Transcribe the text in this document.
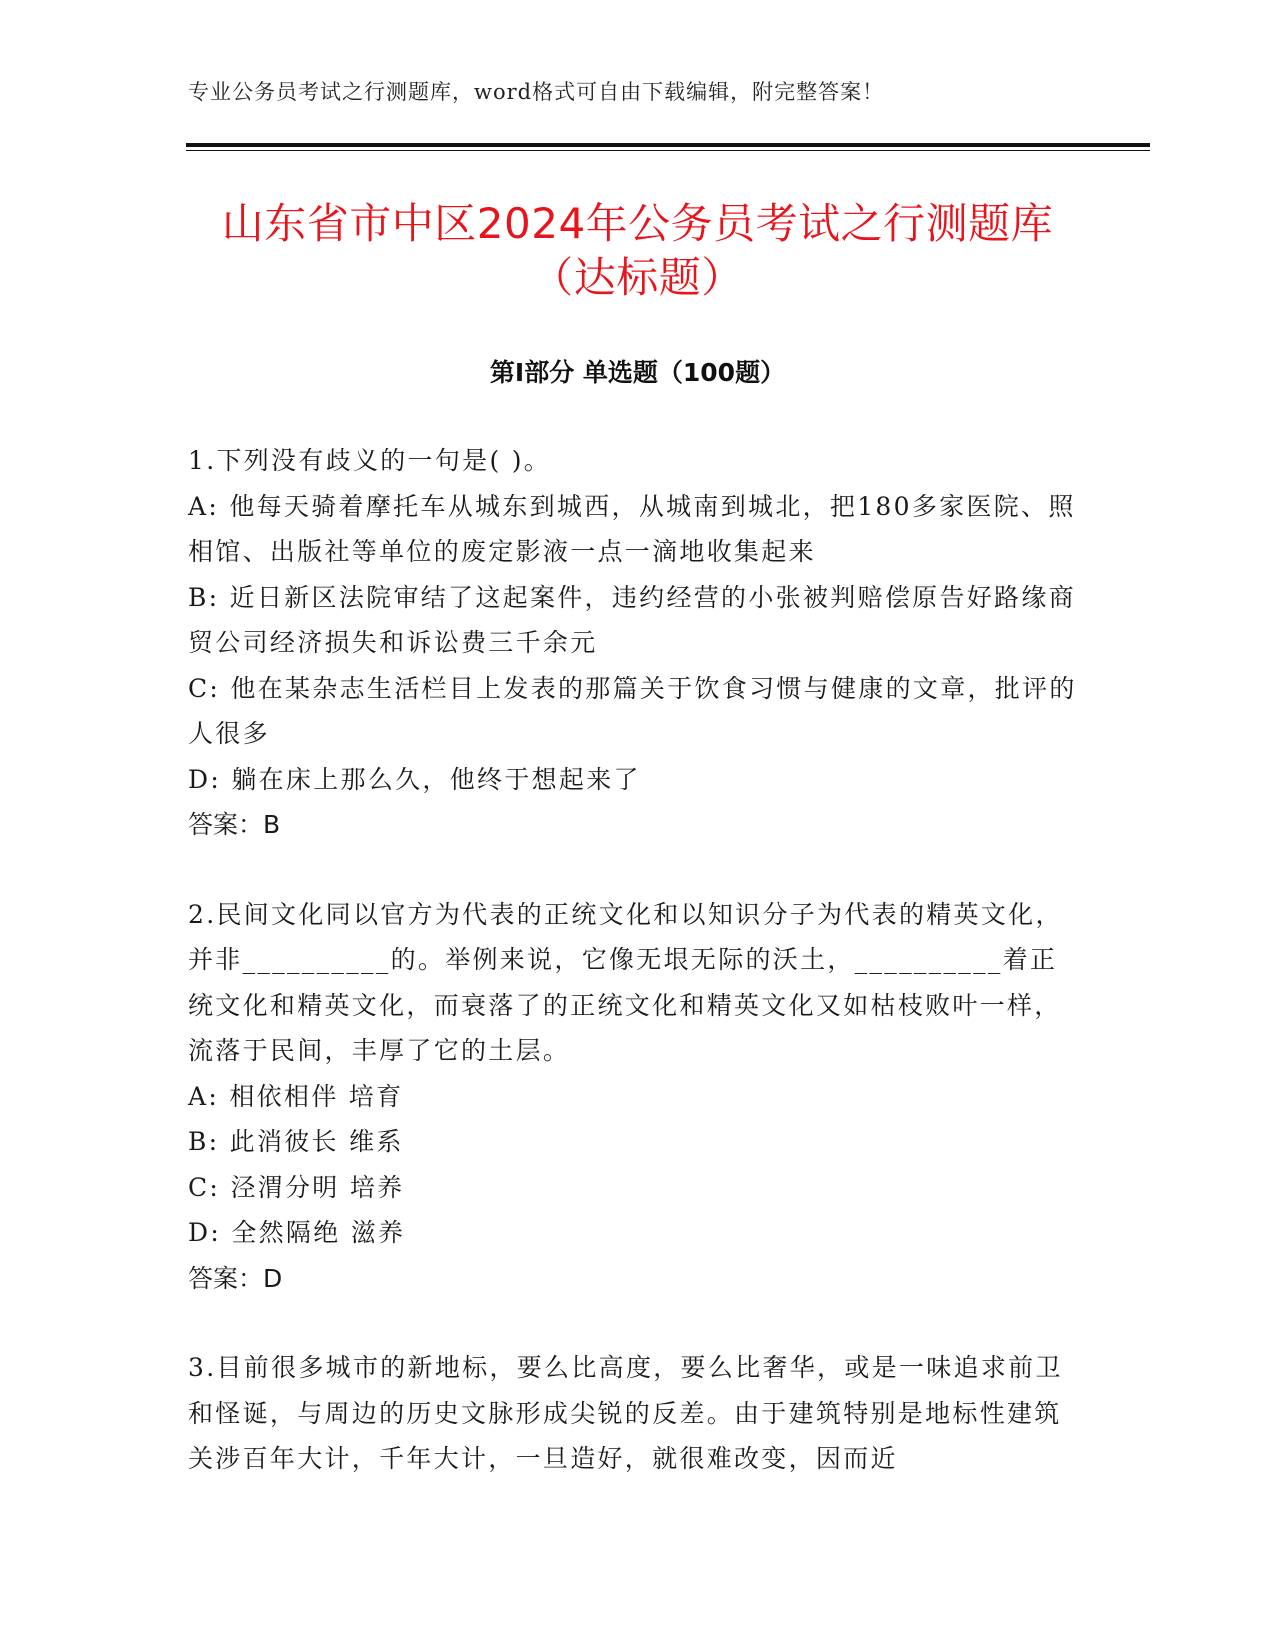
专业公务员考试之行测题库，word格式可自由下载编辑，附完整答案！
山东省市中区2024年公务员考试之行测题库
（达标题）
第Ⅰ部分 单选题（100题）

1.下列没有歧义的一句是( )。

A: 他每天骑着摩托车从城东到城西，从城南到城北，把180多家医院、照相馆、出版社等单位的废定影液一点一滴地收集起来

B: 近日新区法院审结了这起案件，违约经营的小张被判赔偿原告好路缘商贸公司经济损失和诉讼费三千余元

C: 他在某杂志生活栏目上发表的那篇关于饮食习惯与健康的文章，批评的人很多

D: 躺在床上那么久，他终于想起来了

答案：B

2.民间文化同以官方为代表的正统文化和以知识分子为代表的精英文化，并非__________的。举例来说，它像无垠无际的沃土，__________着正统文化和精英文化，而衰落了的正统文化和精英文化又如枯枝败叶一样，流落于民间，丰厚了它的土层。

A: 相依相伴 培育

B: 此消彼长 维系

C: 泾渭分明 培养

D: 全然隔绝 滋养

答案：D

3.目前很多城市的新地标，要么比高度，要么比奢华，或是一味追求前卫和怪诞，与周边的历史文脉形成尖锐的反差。由于建筑特别是地标性建筑关涉百年大计，千年大计，一旦造好，就很难改变，因而近
